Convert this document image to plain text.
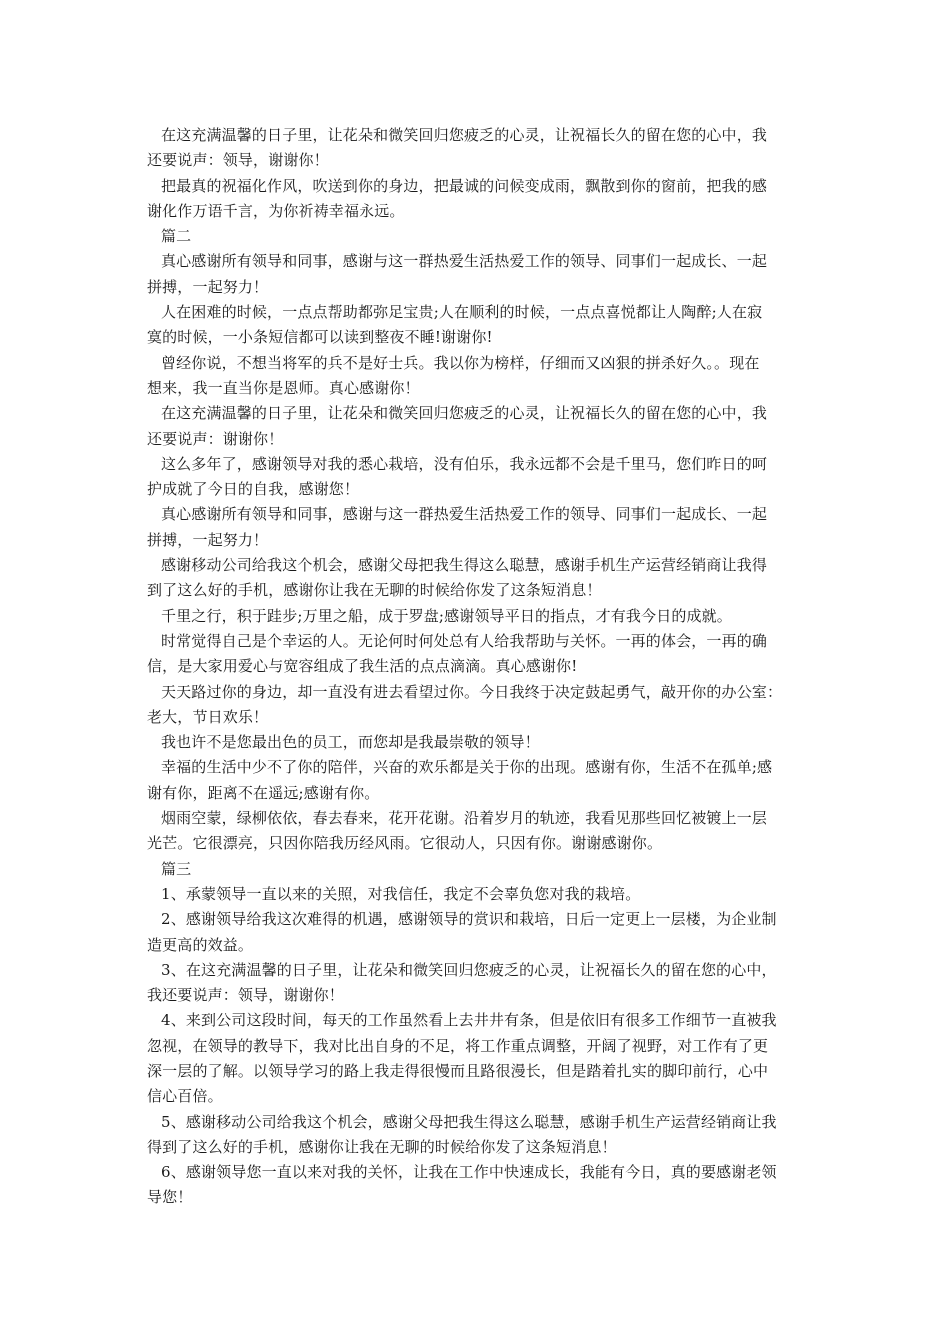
在这充满温馨的日子里，让花朵和微笑回归您疲乏的心灵，让祝福长久的留在您的心中，我
还要说声：领导，谢谢你！
把最真的祝福化作风，吹送到你的身边，把最诚的问候变成雨，飘散到你的窗前，把我的感
谢化作万语千言，为你祈祷幸福永远。
篇二
真心感谢所有领导和同事，感谢与这一群热爱生活热爱工作的领导、同事们一起成长、一起
拼搏，一起努力！
人在困难的时候，一点点帮助都弥足宝贵;人在顺利的时候，一点点喜悦都让人陶醉;人在寂
寞的时候，一小条短信都可以读到整夜不睡!谢谢你!
曾经你说，不想当将军的兵不是好士兵。我以你为榜样，仔细而又凶狠的拼杀好久。。现在
想来，我一直当你是恩师。真心感谢你！
在这充满温馨的日子里，让花朵和微笑回归您疲乏的心灵，让祝福长久的留在您的心中，我
还要说声：谢谢你！
这么多年了，感谢领导对我的悉心栽培，没有伯乐，我永远都不会是千里马，您们昨日的呵
护成就了今日的自我，感谢您！
真心感谢所有领导和同事，感谢与这一群热爱生活热爱工作的领导、同事们一起成长、一起
拼搏，一起努力！
感谢移动公司给我这个机会，感谢父母把我生得这么聪慧，感谢手机生产运营经销商让我得
到了这么好的手机，感谢你让我在无聊的时候给你发了这条短消息！
千里之行，积于跬步;万里之船，成于罗盘;感谢领导平日的指点，才有我今日的成就。
时常觉得自己是个幸运的人。无论何时何处总有人给我帮助与关怀。一再的体会，一再的确
信，是大家用爱心与宽容组成了我生活的点点滴滴。真心感谢你!
天天路过你的身边，却一直没有进去看望过你。今日我终于决定鼓起勇气，敲开你的办公室：
老大，节日欢乐！
我也许不是您最出色的员工，而您却是我最崇敬的领导！
幸福的生活中少不了你的陪伴，兴奋的欢乐都是关于你的出现。感谢有你，生活不在孤单;感
谢有你，距离不在遥远;感谢有你。
烟雨空蒙，绿柳依依，春去春来，花开花谢。沿着岁月的轨迹，我看见那些回忆被镀上一层
光芒。它很漂亮，只因你陪我历经风雨。它很动人，只因有你。谢谢感谢你。
篇三
1、承蒙领导一直以来的关照，对我信任，我定不会辜负您对我的栽培。
2、感谢领导给我这次难得的机遇，感谢领导的赏识和栽培，日后一定更上一层楼，为企业制
造更高的效益。
3、在这充满温馨的日子里，让花朵和微笑回归您疲乏的心灵，让祝福长久的留在您的心中，
我还要说声：领导，谢谢你！
4、来到公司这段时间，每天的工作虽然看上去井井有条，但是依旧有很多工作细节一直被我
忽视，在领导的教导下，我对比出自身的不足，将工作重点调整，开阔了视野，对工作有了更
深一层的了解。以领导学习的路上我走得很慢而且路很漫长，但是踏着扎实的脚印前行，心中
信心百倍。
5、感谢移动公司给我这个机会，感谢父母把我生得这么聪慧，感谢手机生产运营经销商让我
得到了这么好的手机，感谢你让我在无聊的时候给你发了这条短消息！
6、感谢领导您一直以来对我的关怀，让我在工作中快速成长，我能有今日，真的要感谢老领
导您！
